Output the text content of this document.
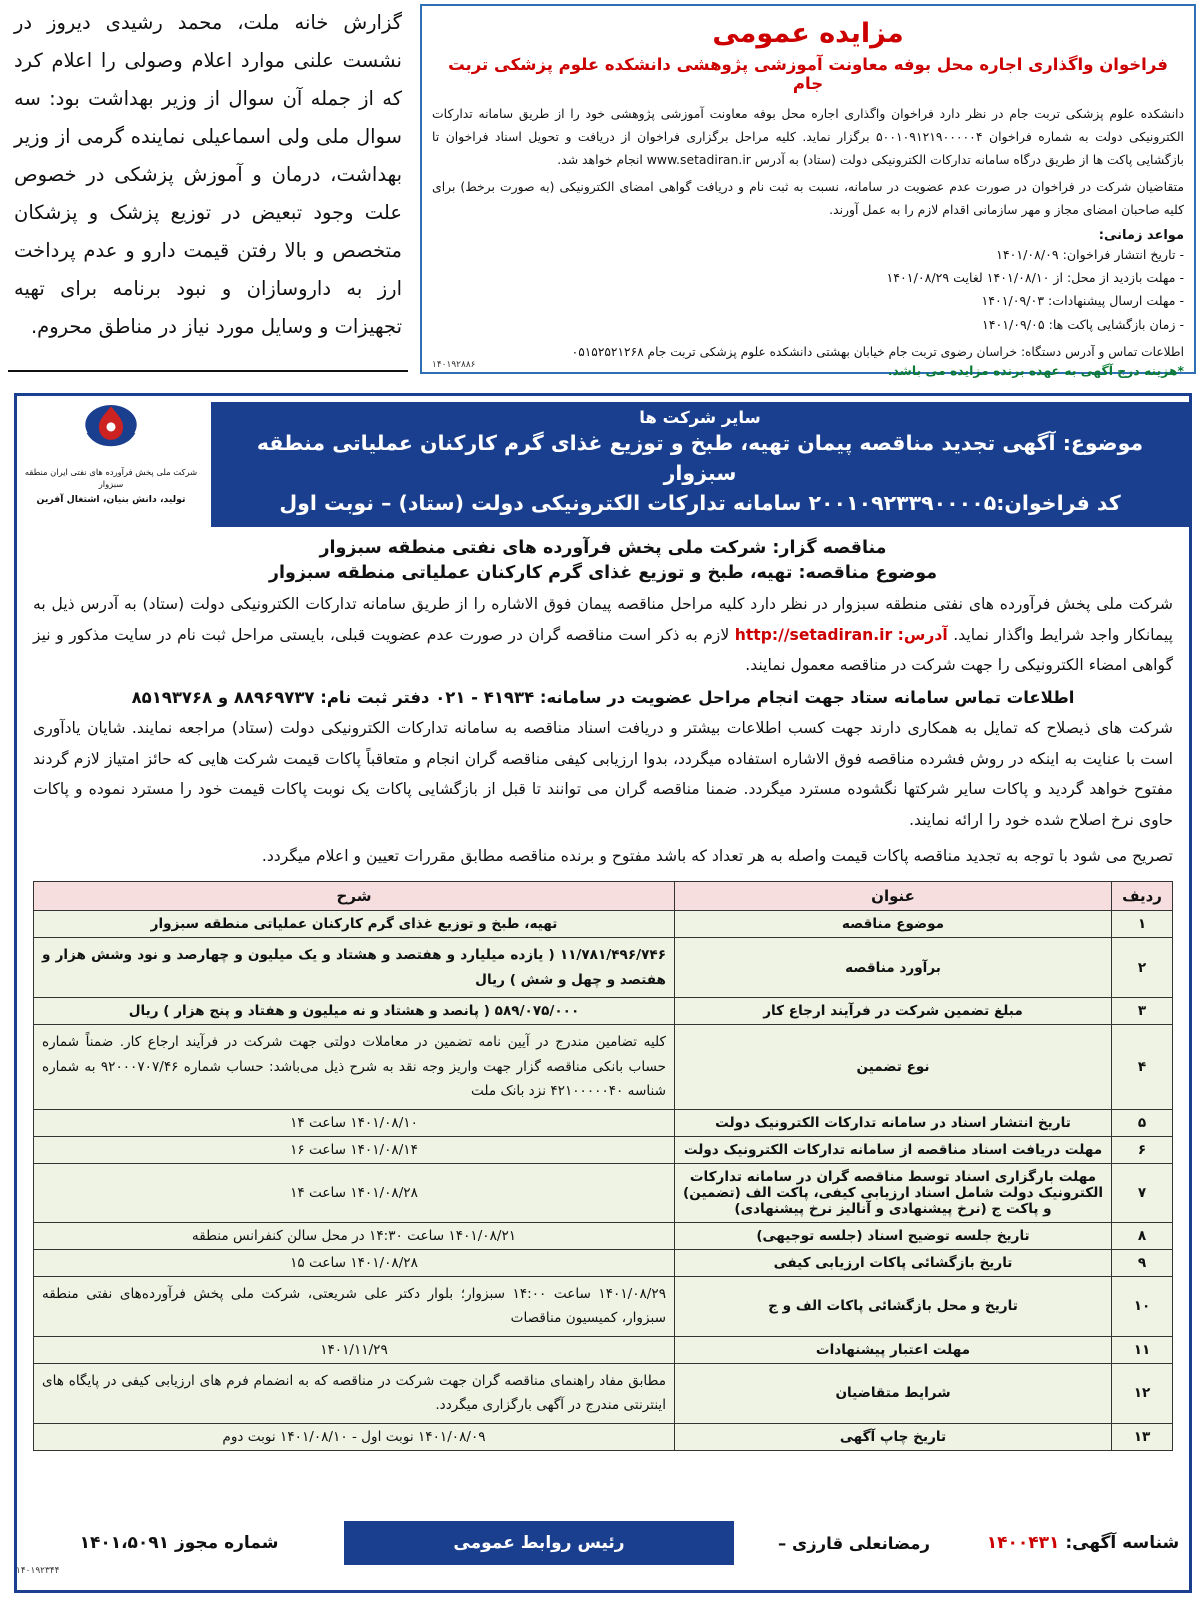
گزارش خانه ملت، محمد رشیدی دیروز در نشست علنی موارد اعلام وصولی را اعلام کرد که از جمله آن سوال از وزیر بهداشت بود: سه سوال ملی ولی اسماعیلی نماینده گرمی از وزیر بهداشت، درمان و آموزش پزشکی در خصوص علت وجود تبعیض در توزیع پزشک و پزشکان متخصص و بالا رفتن قیمت دارو و عدم پرداخت ارز به داروسازان و نبود برنامه برای تهیه تجهیزات و وسایل مورد نیاز در مناطق محروم.

مزایده عمومی
فراخوان واگذاری اجاره محل بوفه معاونت آموزشی پژوهشی دانشکده علوم پزشکی تربت جام
دانشکده علوم پزشکی تربت جام در نظر دارد فراخوان واگذاری اجاره محل بوفه معاونت آموزشی پژوهشی خود را از طریق سامانه تدارکات الکترونیکی دولت به شماره فراخوان ۵۰۰۱۰۹۱۲۱۹۰۰۰۰۰۴ برگزار نماید. کلیه مراحل برگزاری فراخوان از دریافت و تحویل اسناد فراخوان تا بازگشایی پاکت ها از طریق درگاه سامانه تدارکات الکترونیکی دولت (ستاد) به آدرس www.setadiran.ir انجام خواهد شد.
متقاضیان شرکت در فراخوان در صورت عدم عضویت در سامانه، نسبت به ثبت نام و دریافت گواهی امضای الکترونیکی (به صورت برخط) برای کلیه صاحبان امضای مجاز و مهر سازمانی اقدام لازم را به عمل آورند.
مواعد زمانی:
- تاریخ انتشار فراخوان: ۱۴۰۱/۰۸/۰۹
- مهلت بازدید از محل: از ۱۴۰۱/۰۸/۱۰ لغایت ۱۴۰۱/۰۸/۲۹
- مهلت ارسال پیشنهادات: ۱۴۰۱/۰۹/۰۳
- زمان بازگشایی پاکت ها: ۱۴۰۱/۰۹/۰۵
اطلاعات تماس و آدرس دستگاه: خراسان رضوی تربت جام خیابان بهشتی دانشکده علوم پزشکی تربت جام ۰۵۱۵۲۵۲۱۲۶۸
*هزینه درج آگهی به عهده برنده مزایده می باشد.
۱۴۰۱۹۲۸۸۶
شرکت ملی پخش فرآورده های نفتی ایران منطقه سبزوار
تولید، دانش بنیان، اشتغال آفرین
سایر شرکت ها
موضوع: آگهی تجدید مناقصه پیمان تهیه، طبخ و توزیع غذای گرم کارکنان عملیاتی منطقه سبزوار
کد فراخوان:۲۰۰۱۰۹۲۳۳۹۰۰۰۰۵ سامانه تدارکات الکترونیکی دولت (ستاد) – نوبت اول
مناقصه گزار: شرکت ملی پخش فرآورده های نفتی منطقه سبزوار
موضوع مناقصه: تهیه، طبخ و توزیع غذای گرم کارکنان عملیاتی منطقه سبزوار
شرکت ملی پخش فرآورده های نفتی منطقه سبزوار در نظر دارد کلیه مراحل مناقصه پیمان فوق الاشاره را از طریق سامانه تدارکات الکترونیکی دولت (ستاد) به آدرس ذیل به پیمانکار واجد شرایط واگذار نماید. آدرس: http://setadiran.ir لازم به ذکر است مناقصه گران در صورت عدم عضویت قبلی، بایستی مراحل ثبت نام در سایت مذکور و نیز گواهی امضاء الکترونیکی را جهت شرکت در مناقصه معمول نمایند.
اطلاعات تماس سامانه ستاد جهت انجام مراحل عضویت در سامانه: ۴۱۹۳۴ - ۰۲۱ دفتر ثبت نام: ۸۸۹۶۹۷۳۷ و ۸۵۱۹۳۷۶۸
شرکت های ذیصلاح که تمایل به همکاری دارند جهت کسب اطلاعات بیشتر و دریافت اسناد مناقصه به سامانه تدارکات الکترونیکی دولت (ستاد) مراجعه نمایند. شایان یادآوری است با عنایت به اینکه در روش فشرده مناقصه فوق الاشاره استفاده میگردد، بدوا ارزیابی کیفی مناقصه گران انجام و متعاقباً پاکات قیمت شرکت هایی که حائز امتیاز لازم گردند مفتوح خواهد گردید و پاکات سایر شرکتها نگشوده مسترد میگردد. ضمنا مناقصه گران می توانند تا قبل از بازگشایی پاکات یک نوبت پاکات قیمت خود را مسترد نموده و پاکات حاوی نرخ اصلاح شده خود را ارائه نمایند.
تصریح می شود با توجه به تجدید مناقصه پاکات قیمت واصله به هر تعداد که باشد مفتوح و برنده مناقصه مطابق مقررات تعیین و اعلام میگردد.
ردیف	عنوان	شرح
۱	موضوع مناقصه	تهیه، طبخ و توزیع غذای گرم کارکنان عملیاتی منطقه سبزوار
۲	برآورد مناقصه	۱۱/۷۸۱/۴۹۶/۷۴۶ ( یازده میلیارد و هفتصد و هشتاد و یک میلیون و چهارصد و نود وشش هزار و هفتصد و چهل و شش ) ریال
۳	مبلغ تضمین شرکت در فرآیند ارجاع کار	۵۸۹/۰۷۵/۰۰۰ ( پانصد و هشتاد و نه میلیون و هفتاد و پنج هزار ) ریال
۴	نوع تضمین	کلیه تضامین مندرج در آیین نامه تضمین در معاملات دولتی جهت شرکت در فرآیند ارجاع کار. ضمناً شماره حساب بانکی مناقصه گزار جهت واریز وجه نقد به شرح ذیل می‌باشد: حساب شماره ۹۲۰۰۰۷۰۷/۴۶ به شماره شناسه ۴۲۱۰۰۰۰۰۴۰ نزد بانک ملت
۵	تاریخ انتشار اسناد در سامانه تدارکات الکترونیک دولت	۱۴۰۱/۰۸/۱۰ ساعت ۱۴
۶	مهلت دریافت اسناد مناقصه از سامانه تدارکات الکترونیک دولت	۱۴۰۱/۰۸/۱۴ ساعت ۱۶
۷	مهلت بارگزاری اسناد توسط مناقصه گران در سامانه تدارکات الکترونیک دولت شامل اسناد ارزیابی کیفی، پاکت الف (تضمین) و پاکت ج (نرخ پیشنهادی و آنالیز نرخ پیشنهادی)	۱۴۰۱/۰۸/۲۸ ساعت ۱۴
۸	تاریخ جلسه توضیح اسناد (جلسه توجیهی)	۱۴۰۱/۰۸/۲۱ ساعت ۱۴:۳۰ در محل سالن کنفرانس منطقه
۹	تاریخ بازگشائی پاکات ارزیابی کیفی	۱۴۰۱/۰۸/۲۸ ساعت ۱۵
۱۰	تاریخ و محل بازگشائی پاکات الف و ج	۱۴۰۱/۰۸/۲۹ ساعت ۱۴:۰۰ سبزوار؛ بلوار دکتر علی شریعتی، شرکت ملی پخش فرآورده‌های نفتی منطقه سبزوار، کمیسیون مناقصات
۱۱	مهلت اعتبار پیشنهادات	۱۴۰۱/۱۱/۲۹
۱۲	شرایط متقاضیان	مطابق مفاد راهنمای مناقصه گران جهت شرکت در مناقصه که به انضمام فرم های ارزیابی کیفی در پایگاه های اینترنتی مندرج در آگهی بارگزاری میگردد.
۱۳	تاریخ چاپ آگهی	۱۴۰۱/۰۸/۰۹ نوبت اول - ۱۴۰۱/۰۸/۱۰ نوبت دوم
شماره مجوز ۱۴۰۱،۵۰۹۱	رئیس

روابط عمومی	رمضانعلی قارزی –	شناسه آگهی:

۱۴۰۰۴۳۱
۱۴۰۱۹۲۳۴۴
